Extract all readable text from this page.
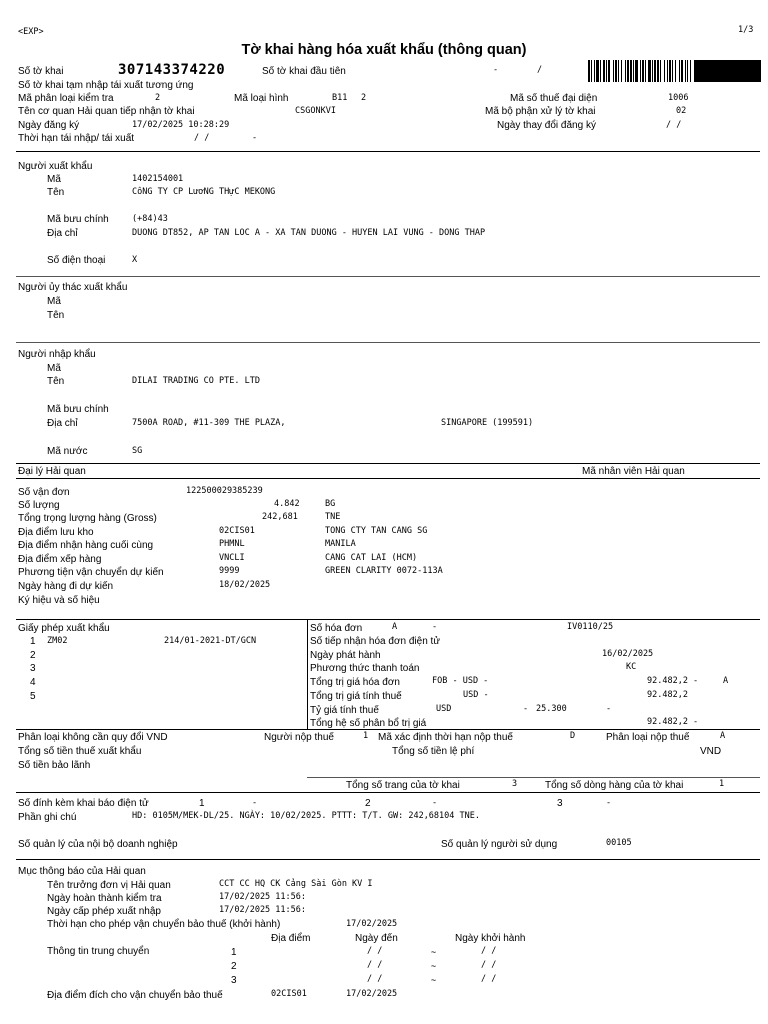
<EXP>	1/3
Tờ khai hàng hóa xuất khẩu (thông quan)
Số tờ khai	307143374220	Số tờ khai đầu tiên	-	/
Số tờ khai tạm nhập tái xuất tương ứng
Mã phân loại kiểm tra	2	Mã loại hình	B11 2	Mã số thuế đại diện	1006
Tên cơ quan Hải quan tiếp nhận tờ khai	CSGONKVI	Mã bộ phận xử lý tờ khai	02
Ngày đăng ký	17/02/2025 10:28:29	Ngày thay đổi đăng ký	/ /
Thời hạn tái nhập/ tái xuất	/ /	-
Người xuất khẩu
Mã	1402154001
Tên	CôNG TY CP LươNG THựC MEKONG
Mã bưu chính	(+84)43
Địa chỉ	DUONG DT852, AP TAN LOC A - XA TAN DUONG - HUYEN LAI VUNG - DONG THAP
Số điện thoại	X
Người ủy thác xuất khẩu
Mã
Tên
Người nhập khẩu
Mã
Tên	DILAI TRADING CO PTE. LTD
Mã bưu chính
Địa chỉ	7500A ROAD, #11-309 THE PLAZA,	SINGAPORE (199591)
Mã nước	SG
Đại lý Hải quan	Mã nhân viên Hải quan
Số vận đơn	122500029385239
Số lượng	4.842	BG
Tổng trọng lượng hàng (Gross)	242,681	TNE
Địa điểm lưu kho	02CIS01	TONG CTY TAN CANG SG
Địa điểm nhận hàng cuối cùng	PHMNL	MANILA
Địa điểm xếp hàng	VNCLI	CANG CAT LAI (HCM)
Phương tiện vận chuyển dự kiến	9999	GREEN CLARITY 0072-113A
Ngày hàng đi dự kiến	18/02/2025
Ký hiệu và số hiệu
Giấy phép xuất khẩu
1 ZM02	214/01-2021-DT/GCN
2
3
4
5
Số hóa đơn	A	-	IV0110/25
Số tiếp nhận hóa đơn điện tử
Ngày phát hành	16/02/2025
Phương thức thanh toán	KC
Tổng trị giá hóa đơn	FOB - USD -	92.482,2 -	A
Tổng trị giá tính thuế	USD -	92.482,2
Tỷ giá tính thuế	USD	- 25.300	-
Tổng hệ số phân bổ trị giá	92.482,2 -
Phân loại không cần quy đổi VND	Người nộp thuế	1 Mã xác định thời hạn nộp thuế	D	Phân loại nộp thuế	A
Tổng số tiền thuế xuất khẩu	Tổng số tiền lệ phí	VND
Số tiền bảo lãnh
Tổng số trang của tờ khai	3	Tổng số dòng hàng của tờ khai	1
Số đính kèm khai báo điện tử	1	-	2	-	3	-
Phần ghi chú	HD: 0105M/MEK-DL/25. NGÀY: 10/02/2025. PTTT: T/T. GW: 242,68104 TNE.
Số quản lý của nội bộ doanh nghiệp	Số quản lý người sử dụng	00105
Mục thông báo của Hải quan
Tên trưởng đơn vị Hải quan	CCT CC HQ CK Cảng Sài Gòn KV I
Ngày hoàn thành kiểm tra	17/02/2025 11:56:
Ngày cấp phép xuất nhập	17/02/2025 11:56:
Thời hạn cho phép vận chuyển bảo thuế (khởi hành)	17/02/2025
Địa điểm	Ngày đến	Ngày khởi hành
Thông tin trung chuyển	1	/ /	~	/ /
2	/ /	~	/ /
3	/ /	~	/ /
Địa điểm đích cho vận chuyển bảo thuế	02CIS01	17/02/2025
